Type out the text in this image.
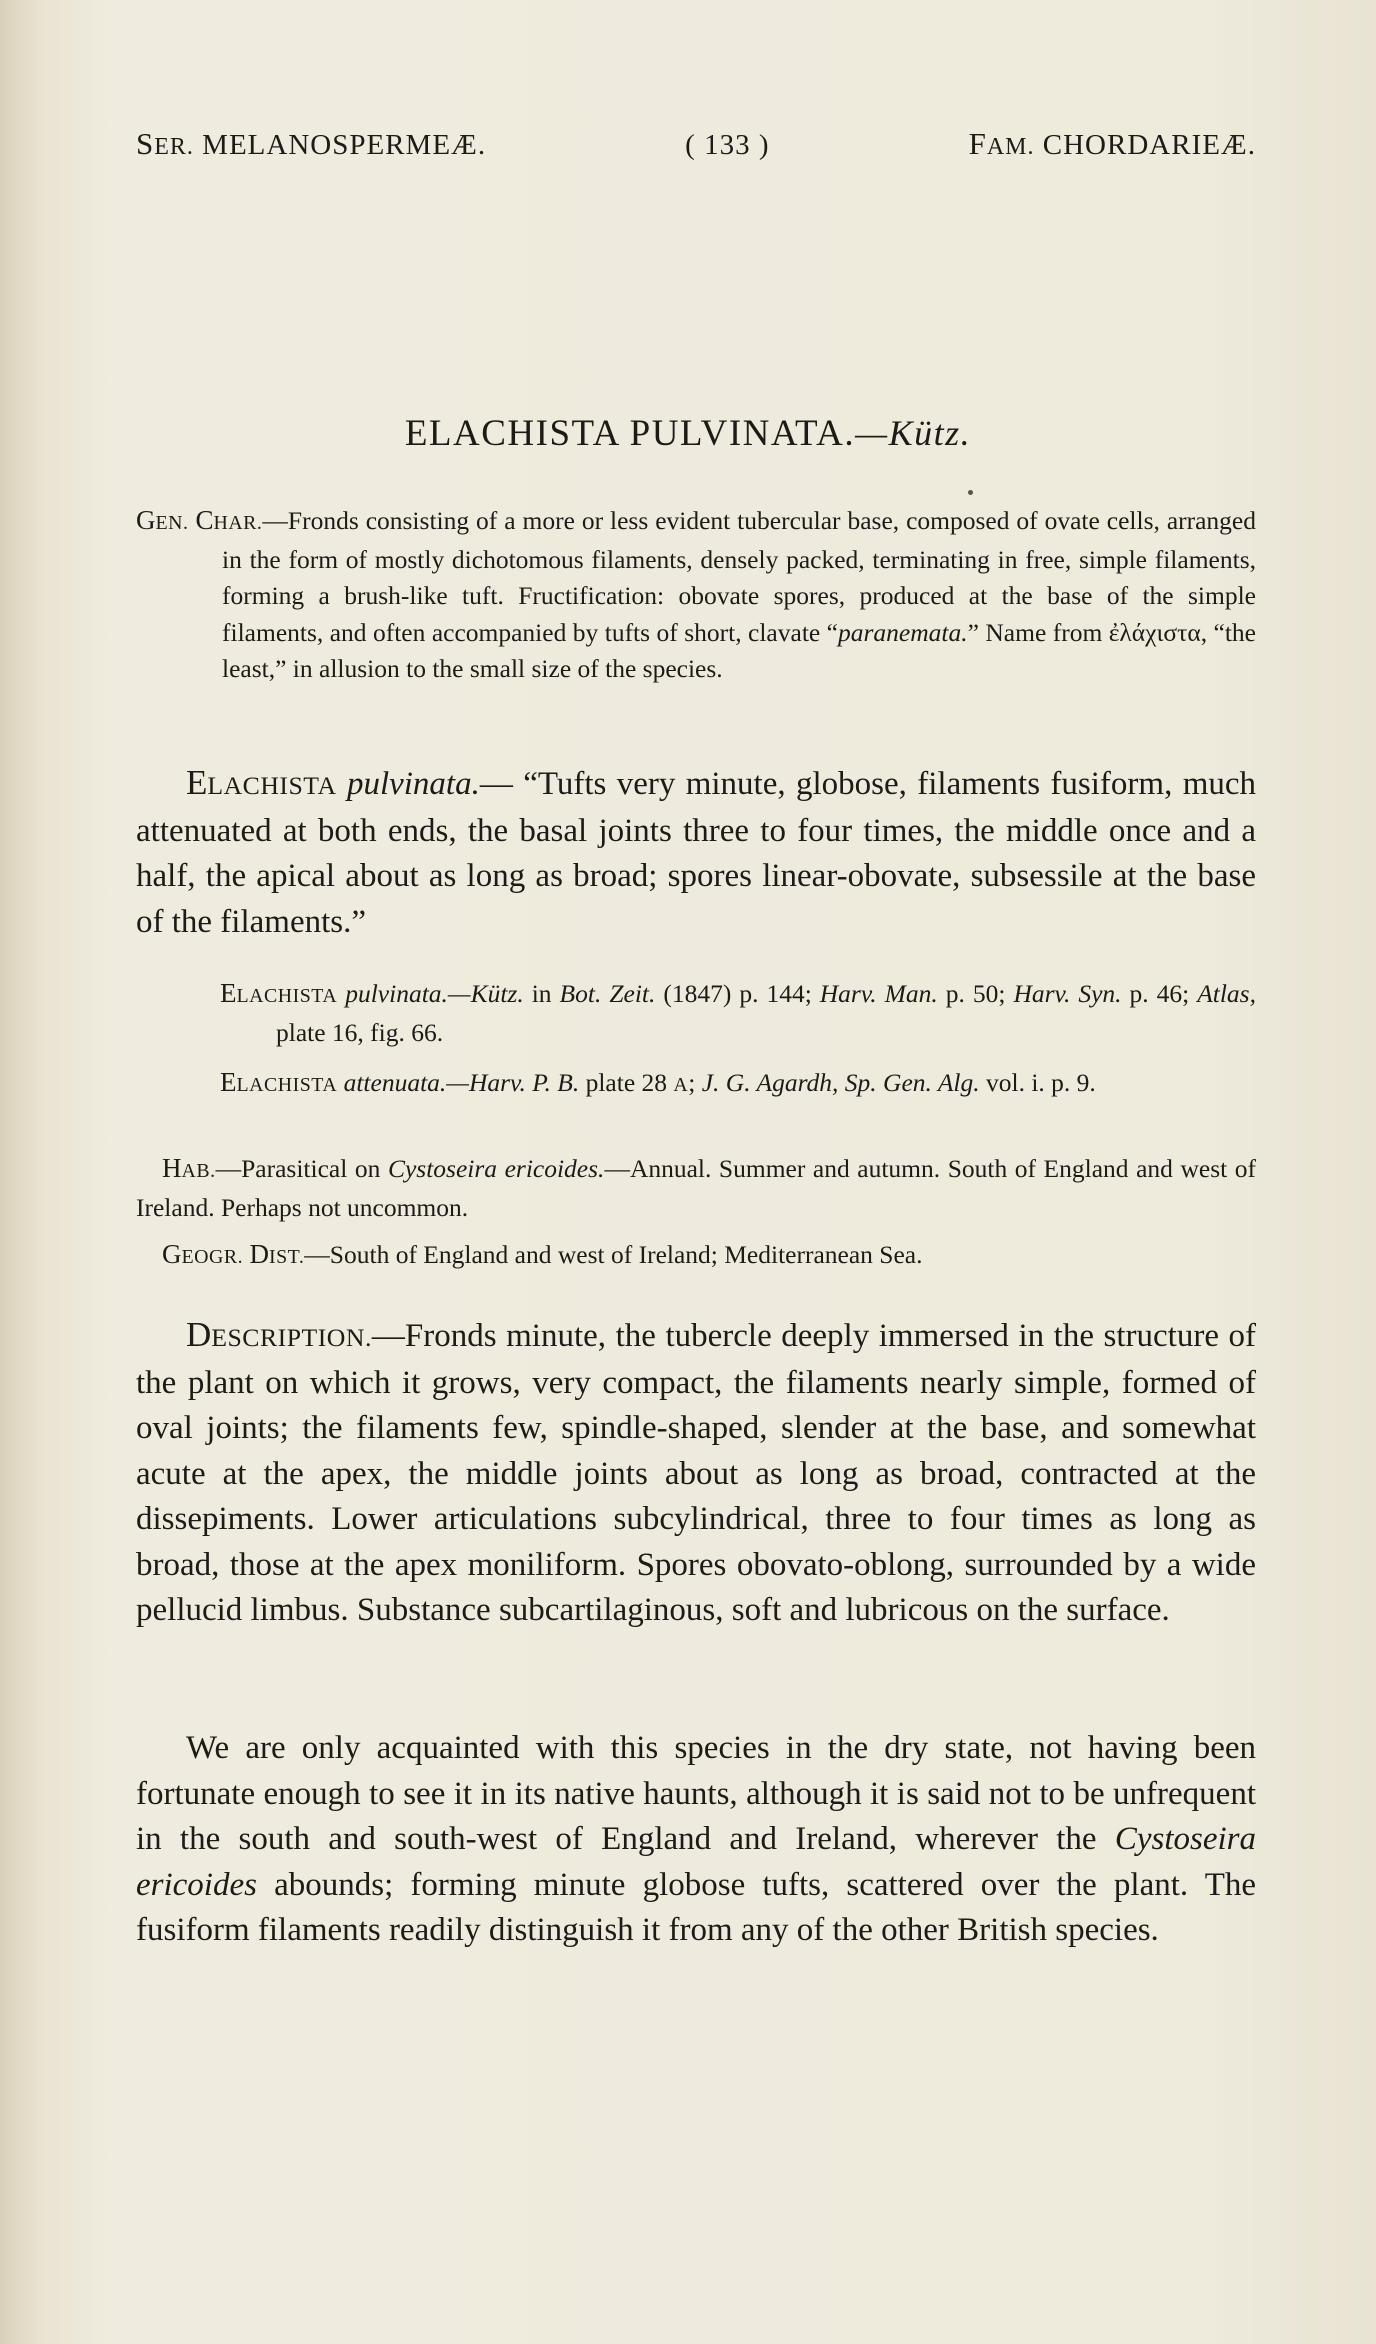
SER. MELANOSPERMEÆ.	( 133 )	FAM. CHORDARIEÆ.
ELACHISTA PULVINATA.—Kütz.

GEN. CHAR.—Fronds consisting of a more or less evident tubercular base, composed of ovate cells, arranged in the form of mostly dichotomous filaments, densely packed, terminating in free, simple filaments, forming a brush-like tuft. Fructification: obovate spores, produced at the base of the simple filaments, and often accompanied by tufts of short, clavate “paranemata.” Name from ἐλάχιστα, “the least,” in allusion to the small size of the species.

ELACHISTA pulvinata.— “Tufts very minute, globose, filaments fusiform, much attenuated at both ends, the basal joints three to four times, the middle once and a half, the apical about as long as broad; spores linear-obovate, subsessile at the base of the filaments.”

ELACHISTA pulvinata.—Kütz. in Bot. Zeit. (1847) p. 144; Harv. Man. p. 50; Harv. Syn. p. 46; Atlas, plate 16, fig. 66.

ELACHISTA attenuata.—Harv. P. B. plate 28 A; J. G. Agardh, Sp. Gen. Alg. vol. i. p. 9.

HAB.—Parasitical on Cystoseira ericoides.—Annual. Summer and autumn. South of England and west of Ireland. Perhaps not uncommon.

GEOGR. DIST.—South of England and west of Ireland; Mediterranean Sea.

DESCRIPTION.—Fronds minute, the tubercle deeply immersed in the structure of the plant on which it grows, very compact, the filaments nearly simple, formed of oval joints; the filaments few, spindle-shaped, slender at the base, and somewhat acute at the apex, the middle joints about as long as broad, contracted at the dissepiments. Lower articulations subcylindrical, three to four times as long as broad, those at the apex moniliform. Spores obovato-oblong, surrounded by a wide pellucid limbus. Substance subcartilaginous, soft and lubricous on the surface.

We are only acquainted with this species in the dry state, not having been fortunate enough to see it in its native haunts, although it is said not to be unfrequent in the south and south-west of England and Ireland, wherever the Cystoseira ericoides abounds; forming minute globose tufts, scattered over the plant. The fusiform filaments readily distinguish it from any of the other British species.
